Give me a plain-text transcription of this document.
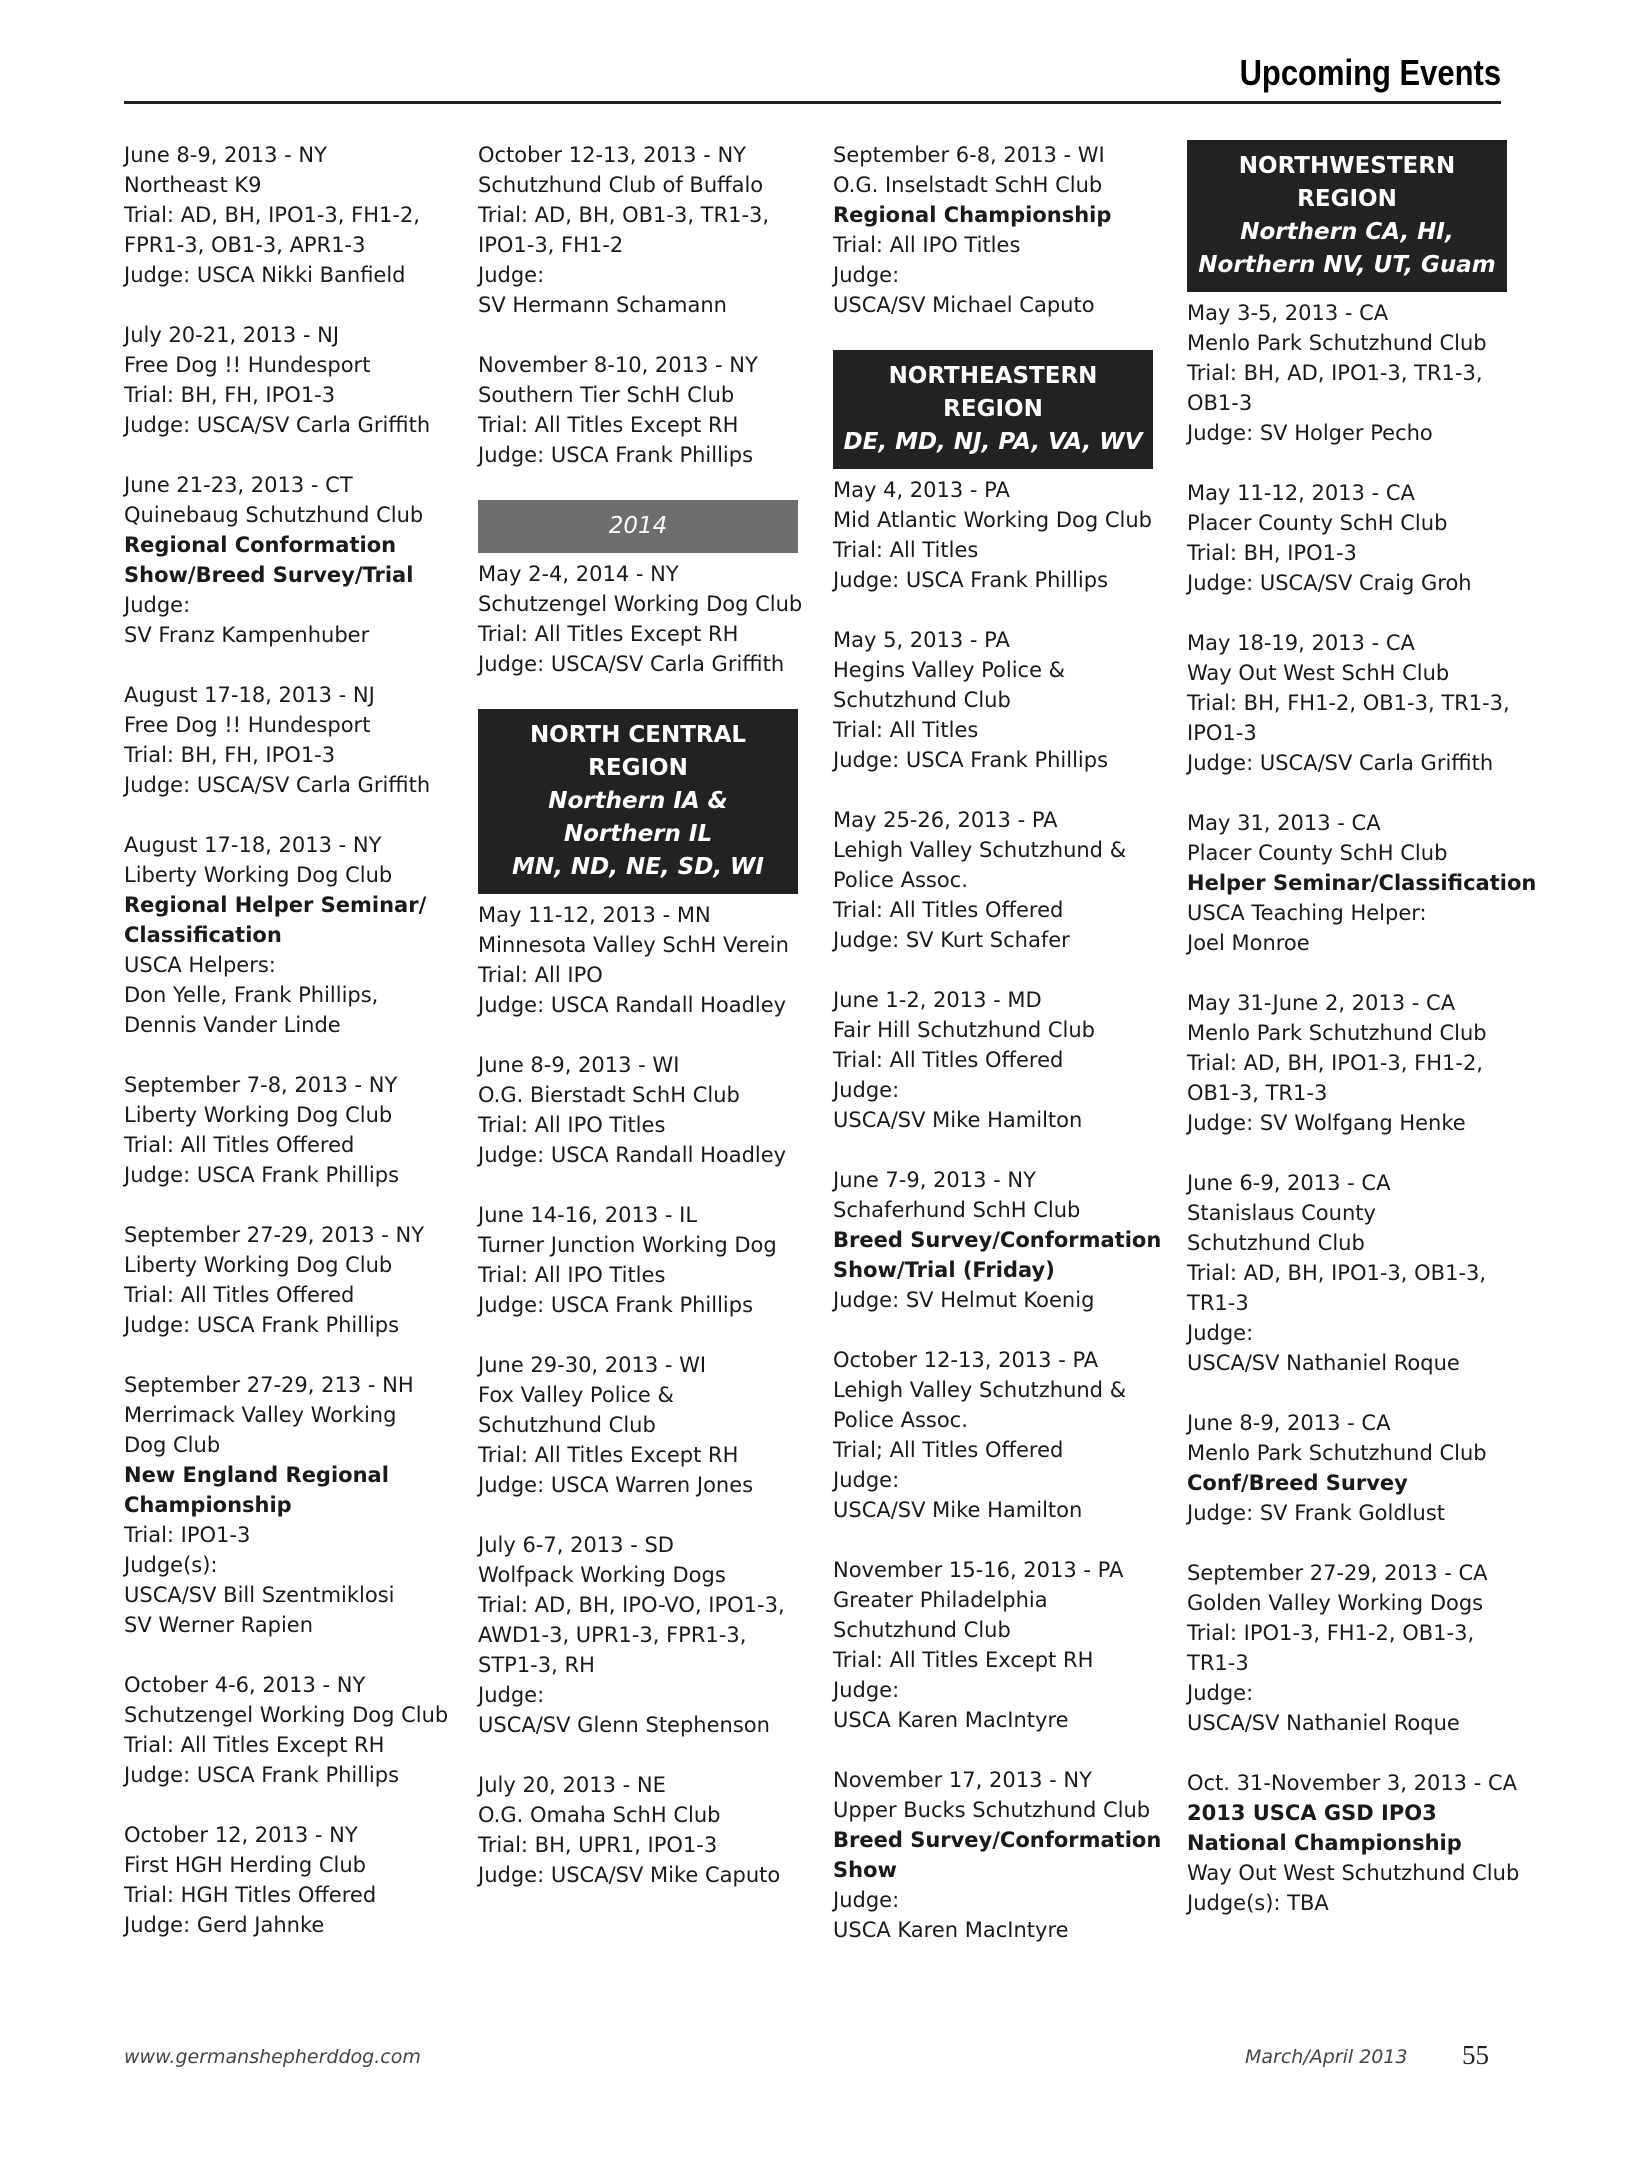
Upcoming Events
June 8-9, 2013 - NY
Northeast K9
Trial: AD, BH, IPO1-3, FH1-2,
FPR1-3, OB1-3, APR1-3
Judge: USCA Nikki Banfield
July 20-21, 2013 - NJ
Free Dog !! Hundesport
Trial: BH, FH, IPO1-3
Judge: USCA/SV Carla Griffith
June 21-23, 2013 - CT
Quinebaug Schutzhund Club
Regional Conformation
Show/Breed Survey/Trial
Judge:
SV Franz Kampenhuber
August 17-18, 2013 - NJ
Free Dog !! Hundesport
Trial: BH, FH, IPO1-3
Judge: USCA/SV Carla Griffith
August 17-18, 2013 - NY
Liberty Working Dog Club
Regional Helper Seminar/
Classification
USCA Helpers:
Don Yelle, Frank Phillips,
Dennis Vander Linde
September 7-8, 2013 - NY
Liberty Working Dog Club
Trial: All Titles Offered
Judge: USCA Frank Phillips
September 27-29, 2013 - NY
Liberty Working Dog Club
Trial: All Titles Offered
Judge: USCA Frank Phillips
September 27-29, 213 - NH
Merrimack Valley Working
Dog Club
New England Regional
Championship
Trial: IPO1-3
Judge(s):
USCA/SV Bill Szentmiklosi
SV Werner Rapien
October 4-6, 2013 - NY
Schutzengel Working Dog Club
Trial: All Titles Except RH
Judge: USCA Frank Phillips
October 12, 2013 - NY
First HGH Herding Club
Trial: HGH Titles Offered
Judge: Gerd Jahnke
October 12-13, 2013 - NY
Schutzhund Club of Buffalo
Trial: AD, BH, OB1-3, TR1-3,
IPO1-3, FH1-2
Judge:
SV Hermann Schamann
November 8-10, 2013 - NY
Southern Tier SchH Club
Trial: All Titles Except RH
Judge: USCA Frank Phillips
2014
May 2-4, 2014 - NY
Schutzengel Working Dog Club
Trial: All Titles Except RH
Judge: USCA/SV Carla Griffith
NORTH CENTRAL REGION
Northern IA & Northern IL
MN, ND, NE, SD, WI
May 11-12, 2013 - MN
Minnesota Valley SchH Verein
Trial: All IPO
Judge: USCA Randall Hoadley
June 8-9, 2013 - WI
O.G. Bierstadt SchH Club
Trial: All IPO Titles
Judge: USCA Randall Hoadley
June 14-16, 2013 - IL
Turner Junction Working Dog
Trial: All IPO Titles
Judge: USCA Frank Phillips
June 29-30, 2013 - WI
Fox Valley Police &
Schutzhund Club
Trial: All Titles Except RH
Judge: USCA Warren Jones
July 6-7, 2013 - SD
Wolfpack Working Dogs
Trial: AD, BH, IPO-VO, IPO1-3,
AWD1-3, UPR1-3, FPR1-3,
STP1-3, RH
Judge:
USCA/SV Glenn Stephenson
July 20, 2013 - NE
O.G. Omaha SchH Club
Trial: BH, UPR1, IPO1-3
Judge: USCA/SV Mike Caputo
September 6-8, 2013 - WI
O.G. Inselstadt SchH Club
Regional Championship
Trial: All IPO Titles
Judge:
USCA/SV Michael Caputo
NORTHEASTERN REGION
DE, MD, NJ, PA, VA, WV
May 4, 2013 - PA
Mid Atlantic Working Dog Club
Trial: All Titles
Judge: USCA Frank Phillips
May 5, 2013 - PA
Hegins Valley Police &
Schutzhund Club
Trial: All Titles
Judge: USCA Frank Phillips
May 25-26, 2013 - PA
Lehigh Valley Schutzhund &
Police Assoc.
Trial: All Titles Offered
Judge: SV Kurt Schafer
June 1-2, 2013 - MD
Fair Hill Schutzhund Club
Trial: All Titles Offered
Judge:
USCA/SV Mike Hamilton
June 7-9, 2013 - NY
Schaferhund SchH Club
Breed Survey/Conformation
Show/Trial (Friday)
Judge: SV Helmut Koenig
October 12-13, 2013 - PA
Lehigh Valley Schutzhund &
Police Assoc.
Trial; All Titles Offered
Judge:
USCA/SV Mike Hamilton
November 15-16, 2013 - PA
Greater Philadelphia
Schutzhund Club
Trial: All Titles Except RH
Judge:
USCA Karen MacIntyre
November 17, 2013 - NY
Upper Bucks Schutzhund Club
Breed Survey/Conformation
Show
Judge:
USCA Karen MacIntyre
NORTHWESTERN REGION
Northern CA, HI,
Northern NV, UT, Guam
May 3-5, 2013 - CA
Menlo Park Schutzhund Club
Trial: BH, AD, IPO1-3, TR1-3,
OB1-3
Judge: SV Holger Pecho
May 11-12, 2013 - CA
Placer County SchH Club
Trial: BH, IPO1-3
Judge: USCA/SV Craig Groh
May 18-19, 2013 - CA
Way Out West SchH Club
Trial: BH, FH1-2, OB1-3, TR1-3,
IPO1-3
Judge: USCA/SV Carla Griffith
May 31, 2013 - CA
Placer County SchH Club
Helper Seminar/Classification
USCA Teaching Helper:
Joel Monroe
May 31-June 2, 2013 - CA
Menlo Park Schutzhund Club
Trial: AD, BH, IPO1-3, FH1-2,
OB1-3, TR1-3
Judge: SV Wolfgang Henke
June 6-9, 2013 - CA
Stanislaus County
Schutzhund Club
Trial: AD, BH, IPO1-3, OB1-3,
TR1-3
Judge:
USCA/SV Nathaniel Roque
June 8-9, 2013 - CA
Menlo Park Schutzhund Club
Conf/Breed Survey
Judge: SV Frank Goldlust
September 27-29, 2013 - CA
Golden Valley Working Dogs
Trial: IPO1-3, FH1-2, OB1-3,
TR1-3
Judge:
USCA/SV Nathaniel Roque
Oct. 31-November 3, 2013 - CA
2013 USCA GSD IPO3
National Championship
Way Out West Schutzhund Club
Judge(s): TBA
www.germanshepherddog.com	March/April 2013 55
